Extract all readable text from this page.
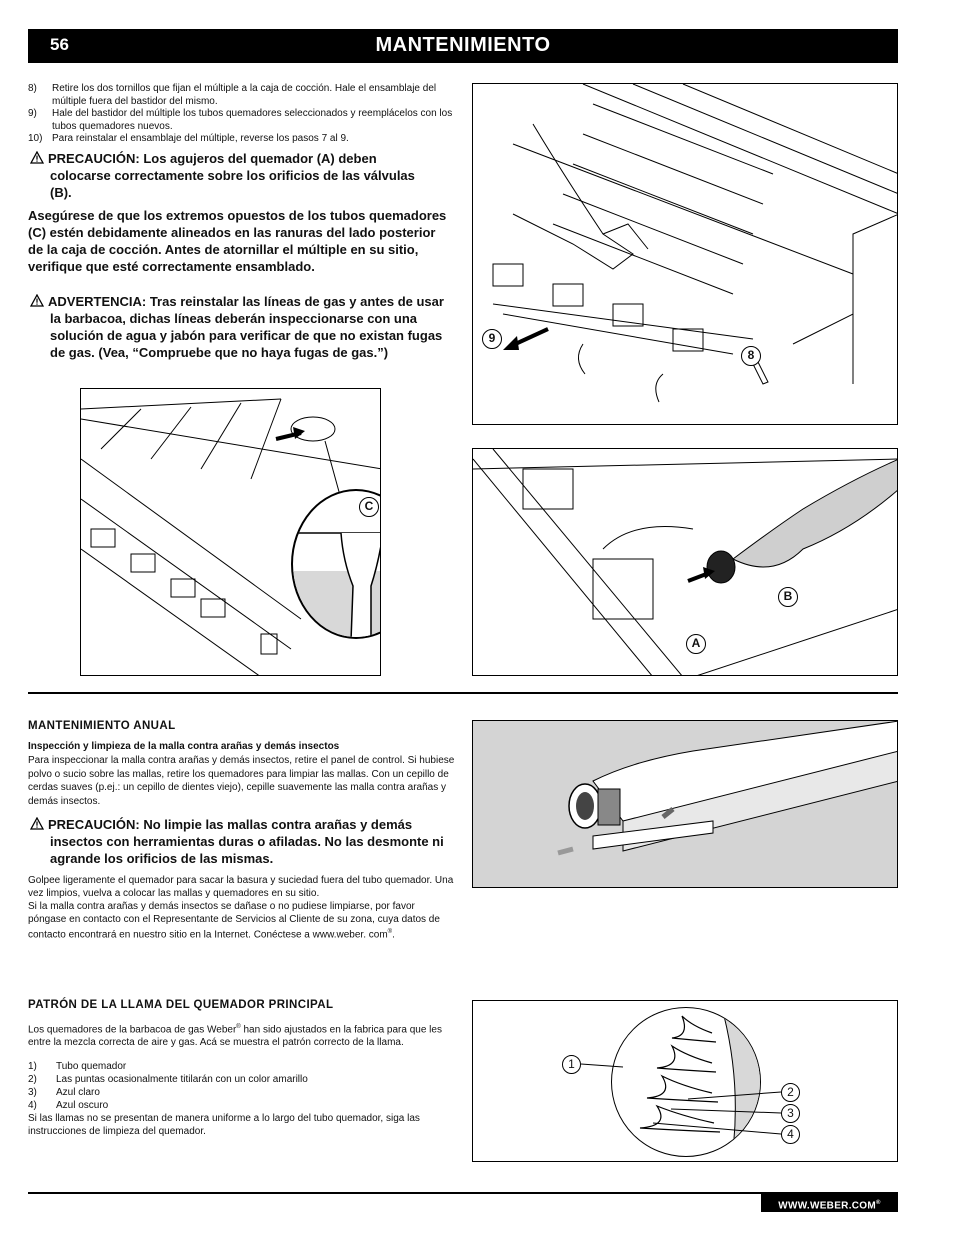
56	MANTENIMIENTO
8) Retire los dos tornillos que fijan el múltiple a la caja de cocción. Hale el ensamblaje del múltiple fuera del bastidor del mismo.
9) Hale del bastidor del múltiple los tubos quemadores seleccionados y reemplácelos con los tubos quemadores nuevos.
10) Para reinstalar el ensamblaje del múltiple, reverse los pasos 7 al 9.
PRECAUCIÓN: Los agujeros del quemador (A) deben colocarse correctamente sobre los orificios de las válvulas (B).
Asegúrese de que los extremos opuestos de los tubos quemadores (C) estén debidamente alineados en las ranuras del lado posterior de la caja de cocción. Antes de atornillar el múltiple en su sitio, verifique que esté correctamente ensamblado.
ADVERTENCIA: Tras reinstalar las líneas de gas y antes de usar la barbacoa, dichas líneas deberán inspeccionarse con una solución de agua y jabón para verificar de que no existan fugas de gas. (Vea, “Compruebe que no haya fugas de gas.”)
9
8
C
B
A
MANTENIMIENTO ANUAL
Inspección y limpieza de la malla contra arañas y demás insectos
Para inspeccionar la malla contra arañas y demás insectos, retire el panel de control. Si hubiese polvo o sucio sobre las mallas, retire los quemadores para limpiar las mallas. Con un cepillo de cerdas suaves (p.ej.: un cepillo de dientes viejo), cepille suavemente las malla contra arañas y demás insectos.
PRECAUCIÓN: No limpie las mallas contra arañas y demás insectos con herramientas duras o afiladas. No las desmonte ni agrande los orificios de las mismas.
Golpee ligeramente el quemador para sacar la basura y suciedad fuera del tubo quemador. Una vez limpios, vuelva a colocar las mallas y quemadores en su sitio.
Si la malla contra arañas y demás insectos se dañase o no pudiese limpiarse, por favor póngase en contacto con el Representante de Servicios al Cliente de su zona, cuya datos de contacto encontrará en nuestro sitio en la Internet. Conéctese a www.weber. com®.
PATRÓN DE LA LLAMA DEL QUEMADOR PRINCIPAL
Los quemadores de la barbacoa de gas Weber® han sido ajustados en la fabrica para que les entre la mezcla correcta de aire y gas. Acá se muestra el patrón correcto de la llama.
1) Tubo quemador
2) Las puntas ocasionalmente titilarán con un color amarillo
3) Azul claro
4) Azul oscuro
Si las llamas no se presentan de manera uniforme a lo largo del tubo quemador, siga las instrucciones de limpieza del quemador.
1
2
3
4
WWW.WEBER.COM®
